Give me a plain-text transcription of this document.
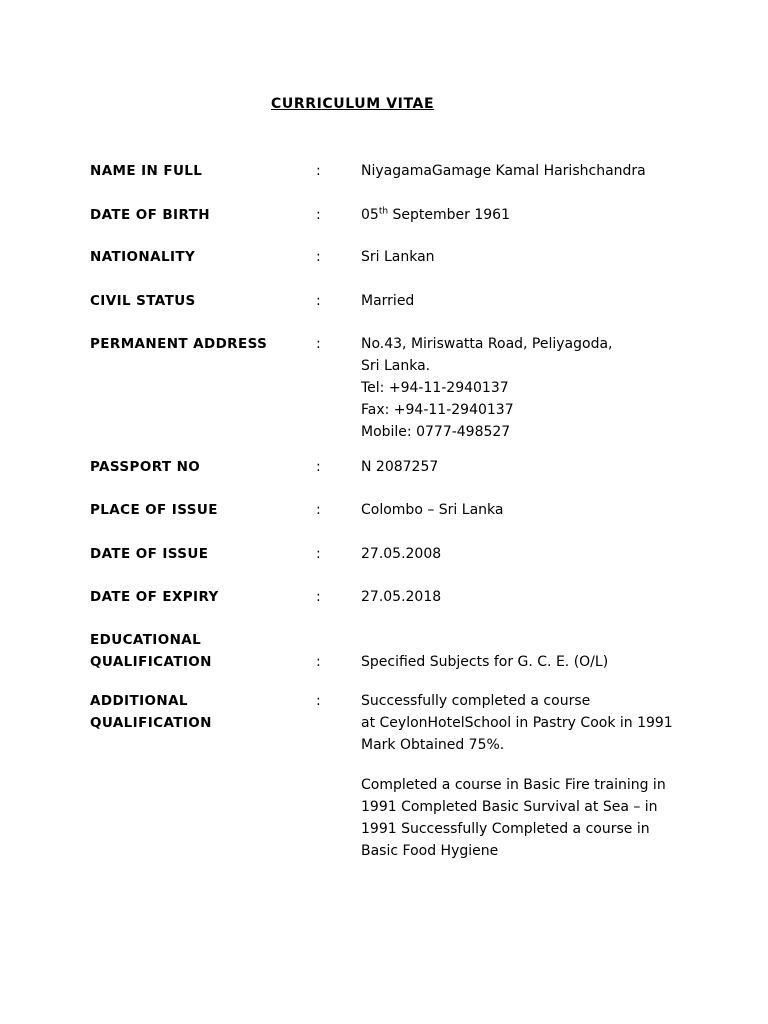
CURRICULUM VITAE
NAME IN FULL	:	NiyagamaGamage Kamal Harishchandra
DATE OF BIRTH	:	05th September 1961
NATIONALITY	:	Sri Lankan
CIVIL STATUS	:	Married
PERMANENT ADDRESS	:	No.43, Miriswatta Road, Peliyagoda,
Sri Lanka.
Tel: +94-11-2940137
Fax: +94-11-2940137
Mobile: 0777-498527
PASSPORT NO	:	N 2087257
PLACE OF ISSUE	:	Colombo – Sri Lanka
DATE OF ISSUE	:	27.05.2008
DATE OF EXPIRY	:	27.05.2018
EDUCATIONAL
QUALIFICATION	:	Specified Subjects for G. C. E. (O/L)
ADDITIONAL
QUALIFICATION
:	Successfully completed a course
at CeylonHotelSchool in Pastry Cook in 1991
Mark Obtained 75%.
Completed a course in Basic Fire training in
1991 Completed Basic Survival at Sea – in
1991 Successfully Completed a course in
Basic Food Hygiene
